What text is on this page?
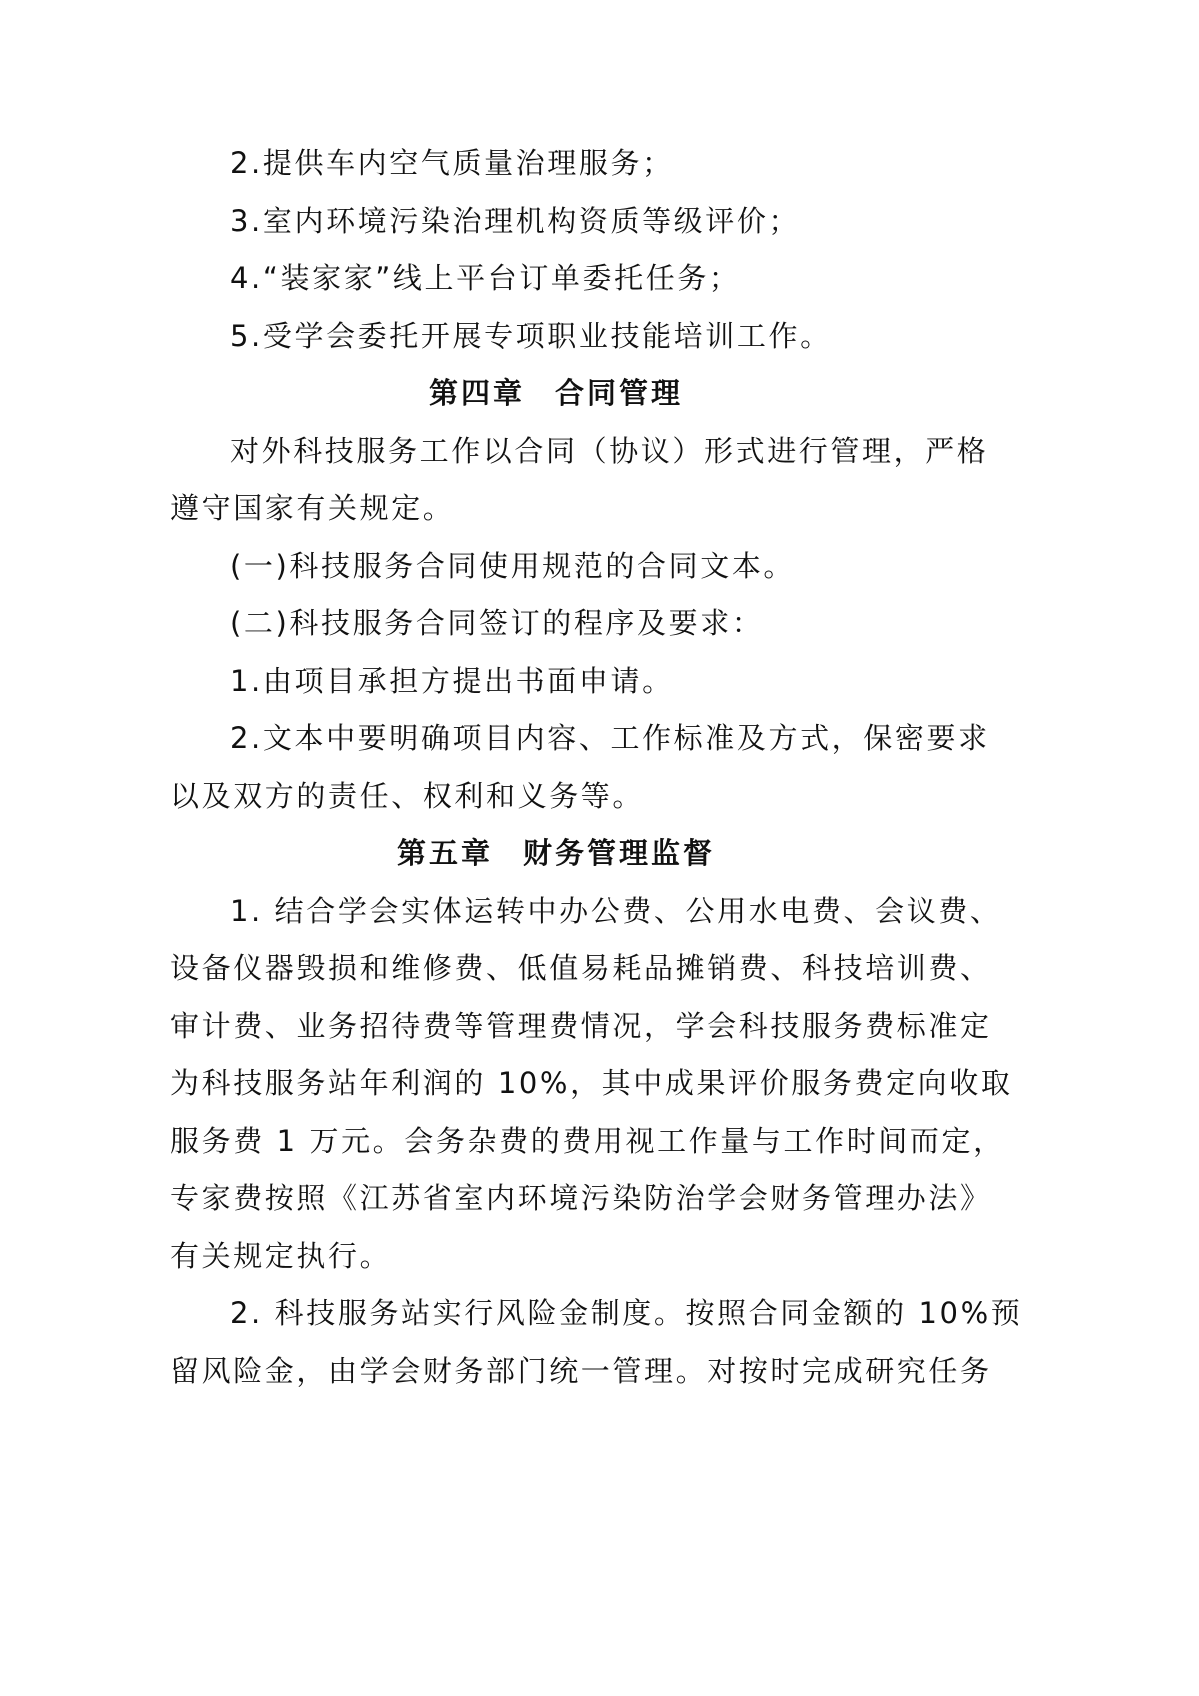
2.提供车内空气质量治理服务；
3.室内环境污染治理机构资质等级评价；
4.“装家家”线上平台订单委托任务；
5.受学会委托开展专项职业技能培训工作。
第四章 合同管理
对外科技服务工作以合同（协议）形式进行管理，严格
遵守国家有关规定。
(一)科技服务合同使用规范的合同文本。
(二)科技服务合同签订的程序及要求：
1.由项目承担方提出书面申请。
2.文本中要明确项目内容、工作标准及方式，保密要求
以及双方的责任、权利和义务等。
第五章 财务管理监督
1. 结合学会实体运转中办公费、公用水电费、会议费、
设备仪器毁损和维修费、低值易耗品摊销费、科技培训费、
审计费、业务招待费等管理费情况，学会科技服务费标准定
为科技服务站年利润的 10%，其中成果评价服务费定向收取
服务费 1 万元。会务杂费的费用视工作量与工作时间而定，
专家费按照《江苏省室内环境污染防治学会财务管理办法》
有关规定执行。
2. 科技服务站实行风险金制度。按照合同金额的 10%预
留风险金，由学会财务部门统一管理。对按时完成研究任务
